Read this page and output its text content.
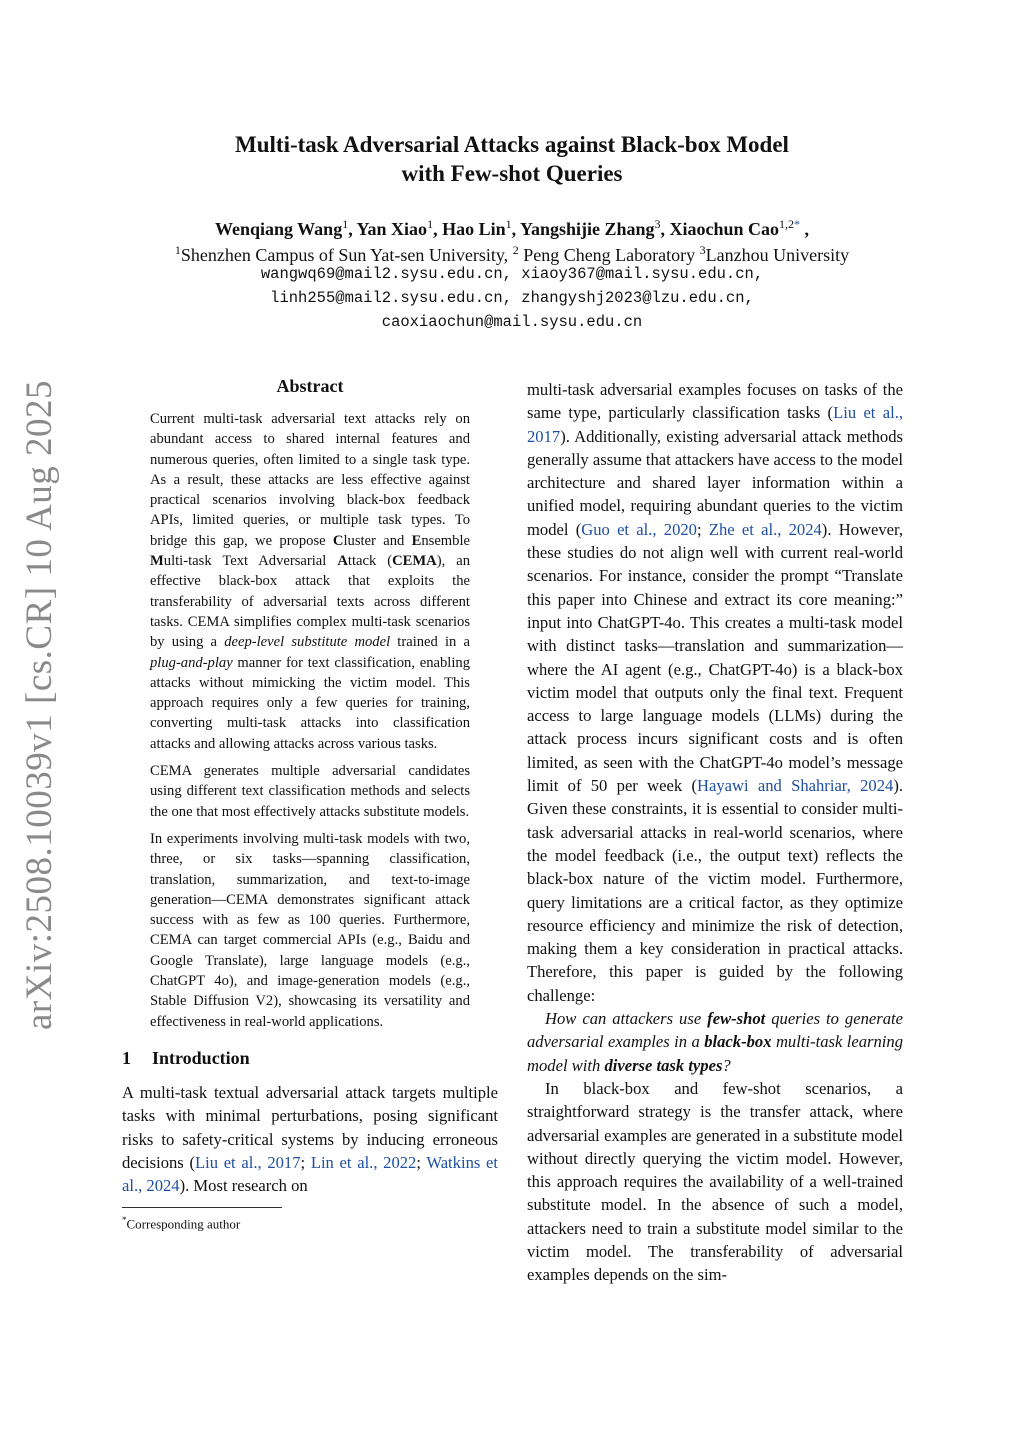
arXiv:2508.10039v1 [cs.CR] 10 Aug 2025
Multi-task Adversarial Attacks against Black-box Model
with Few-shot Queries
Wenqiang Wang$^1$, Yan Xiao$^1$, Hao Lin$^1$, Yangshijie Zhang$^3$, Xiaochun Cao$^{1,2*}$ ,
$^1$Shenzhen Campus of Sun Yat-sen University, $^2$ Peng Cheng Laboratory $^3$Lanzhou University
wangwq69@mail2.sysu.edu.cn, xiaoy367@mail.sysu.edu.cn,
linh255@mail2.sysu.edu.cn, zhangyshj2023@lzu.edu.cn,
caoxiaochun@mail.sysu.edu.cn
Abstract

Current multi-task adversarial text attacks rely on abundant access to shared internal features and numerous queries, often limited to a single task type. As a result, these attacks are less effective against practical scenarios involving black-box feedback APIs, limited queries, or multiple task types. To bridge this gap, we propose Cluster and Ensemble Multi-task Text Adversarial Attack (CEMA), an effective black-box attack that exploits the transferability of adversarial texts across different tasks. CEMA simplifies complex multi-task scenarios by using a deep-level substitute model trained in a plug-and-play manner for text classification, enabling attacks without mimicking the victim model. This approach requires only a few queries for training, converting multi-task attacks into classification attacks and allowing attacks across various tasks.

CEMA generates multiple adversarial candidates using different text classification methods and selects the one that most effectively attacks substitute models.

In experiments involving multi-task models with two, three, or six tasks—spanning classification, translation, summarization, and text-to-image generation—CEMA demonstrates significant attack success with as few as 100 queries. Furthermore, CEMA can target commercial APIs (e.g., Baidu and Google Translate), large language models (e.g., ChatGPT 4o), and image-generation models (e.g., Stable Diffusion V2), showcasing its versatility and effectiveness in real-world applications.

1 Introduction

A multi-task textual adversarial attack targets multiple tasks with minimal perturbations, posing significant risks to safety-critical systems by inducing erroneous decisions (Liu et al., 2017; Lin et al., 2022; Watkins et al., 2024). Most research on

*Corresponding author

multi-task adversarial examples focuses on tasks of the same type, particularly classification tasks (Liu et al., 2017). Additionally, existing adversarial attack methods generally assume that attackers have access to the model architecture and shared layer information within a unified model, requiring abundant queries to the victim model (Guo et al., 2020; Zhe et al., 2024). However, these studies do not align well with current real-world scenarios. For instance, consider the prompt “Translate this paper into Chinese and extract its core meaning:” input into ChatGPT-4o. This creates a multi-task model with distinct tasks—translation and summarization—where the AI agent (e.g., ChatGPT-4o) is a black-box victim model that outputs only the final text. Frequent access to large language models (LLMs) during the attack process incurs significant costs and is often limited, as seen with the ChatGPT-4o model’s message limit of 50 per week (Hayawi and Shahriar, 2024). Given these constraints, it is essential to consider multi-task adversarial attacks in real-world scenarios, where the model feedback (i.e., the output text) reflects the black-box nature of the victim model. Furthermore, query limitations are a critical factor, as they optimize resource efficiency and minimize the risk of detection, making them a key consideration in practical attacks. Therefore, this paper is guided by the following challenge:

How can attackers use few-shot queries to generate adversarial examples in a black-box multi-task learning model with diverse task types?

In black-box and few-shot scenarios, a straightforward strategy is the transfer attack, where adversarial examples are generated in a substitute model without directly querying the victim model. However, this approach requires the availability of a well-trained substitute model. In the absence of such a model, attackers need to train a substitute model similar to the victim model. The transferability of adversarial examples depends on the sim-
